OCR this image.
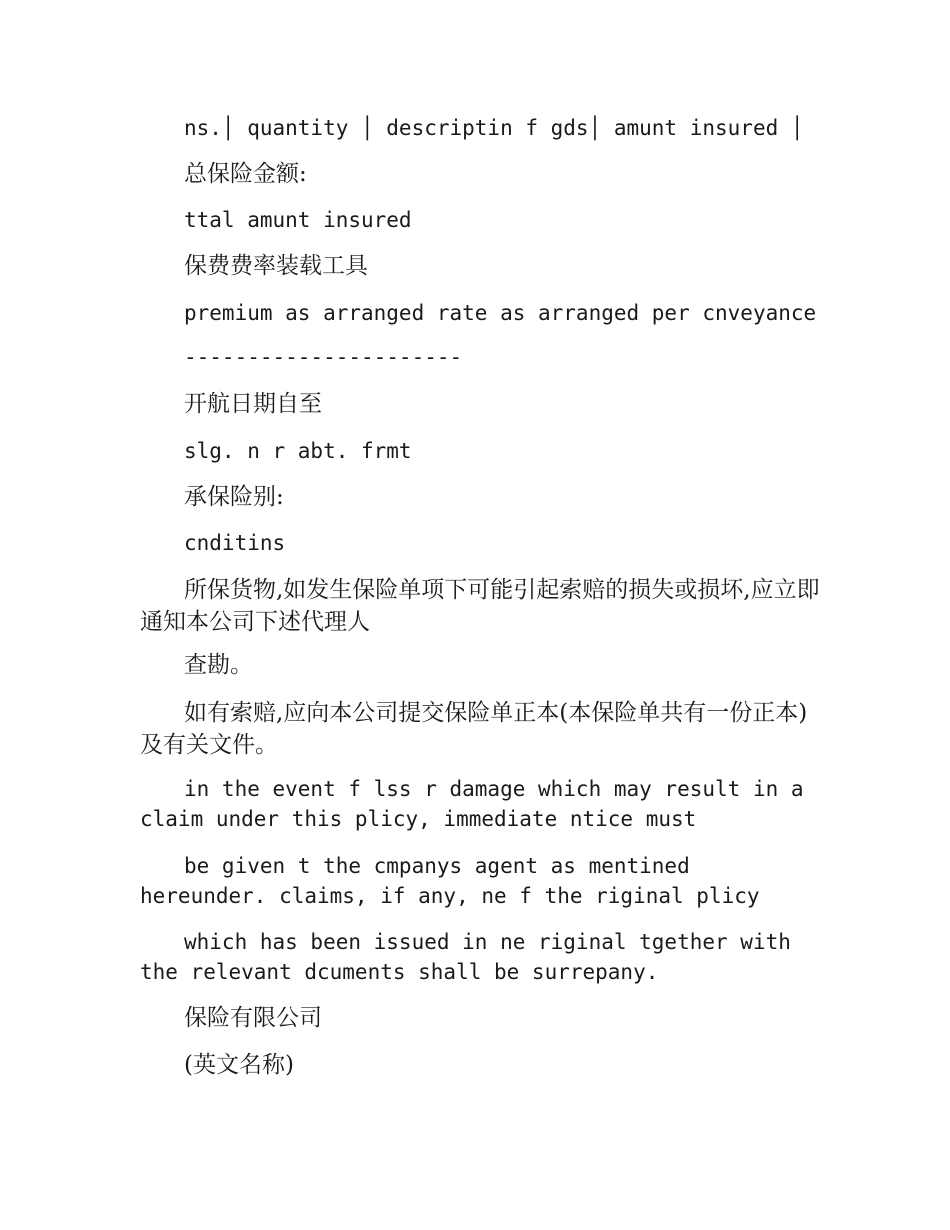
ns.│ quantity │ descriptin f gds│ amunt insured │

总保险金额:

ttal amunt insured

保费费率装载工具

premium as arranged rate as arranged per cnveyance

----------------------

开航日期自至

slg. n r abt. frmt

承保险别:

cnditins

所保货物,如发生保险单项下可能引起索赔的损失或损坏,应立即通知本公司下述代理人

查勘。

如有索赔,应向本公司提交保险单正本(本保险单共有一份正本)及有关文件。

in the event f lss r damage which may result in a claim under this plicy, immediate ntice must

be given t the cmpanys agent as mentined hereunder. claims, if any, ne f the riginal plicy

which has been issued in ne riginal tgether with the relevant dcuments shall be surrepany.

保险有限公司

(英文名称)
